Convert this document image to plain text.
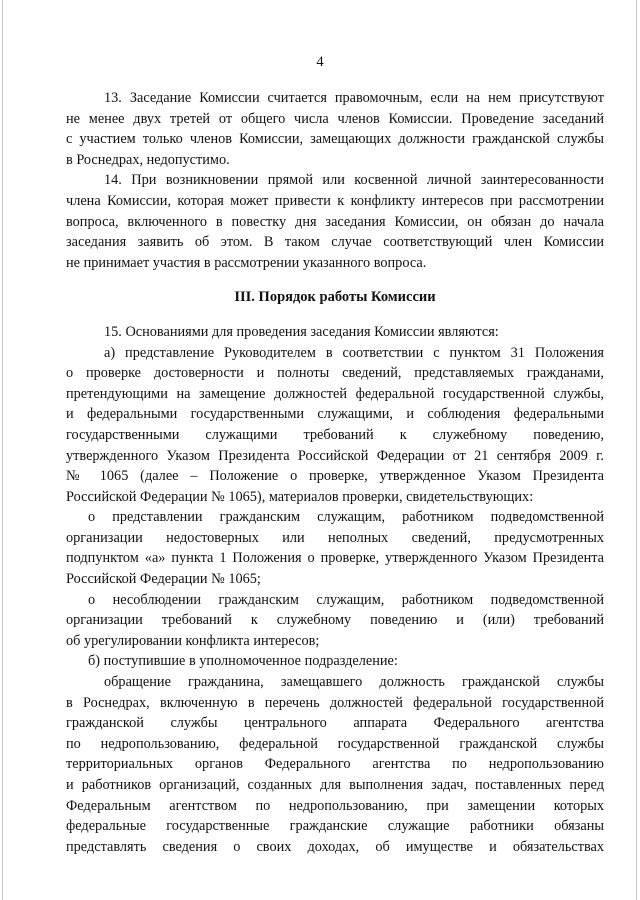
4

13. Заседание Комиссии считается правомочным, если на нем присутствуют

не менее двух третей от общего числа членов Комиссии. Проведение заседаний

с участием только членов Комиссии, замещающих должности гражданской службы

в Роснедрах, недопустимо.

14. При возникновении прямой или косвенной личной заинтересованности

члена Комиссии, которая может привести к конфликту интересов при рассмотрении

вопроса, включенного в повестку дня заседания Комиссии, он обязан до начала

заседания заявить об этом. В таком случае соответствующий член Комиссии

не принимает участия в рассмотрении указанного вопроса.

III. Порядок работы Комиссии

15. Основаниями для проведения заседания Комиссии являются:

а) представление Руководителем в соответствии с пунктом 31 Положения

о проверке достоверности и полноты сведений, представляемых гражданами,

претендующими на замещение должностей федеральной государственной службы,

и федеральными государственными служащими, и соблюдения федеральными

государственными служащими требований к служебному поведению,

утвержденного Указом Президента Российской Федерации от 21 сентября 2009 г.

№ 1065 (далее – Положение о проверке, утвержденное Указом Президента

Российской Федерации № 1065), материалов проверки, свидетельствующих:

о представлении гражданским служащим, работником подведомственной

организации недостоверных или неполных сведений, предусмотренных

подпунктом «а» пункта 1 Положения о проверке, утвержденного Указом Президента

Российской Федерации № 1065;

о несоблюдении гражданским служащим, работником подведомственной

организации требований к служебному поведению и (или) требований

об урегулировании конфликта интересов;

б) поступившие в уполномоченное подразделение:

обращение гражданина, замещавшего должность гражданской службы

в Роснедрах, включенную в перечень должностей федеральной государственной

гражданской службы центрального аппарата Федерального агентства

по недропользованию, федеральной государственной гражданской службы

территориальных органов Федерального агентства по недропользованию

и работников организаций, созданных для выполнения задач, поставленных перед

Федеральным агентством по недропользованию, при замещении которых

федеральные государственные гражданские служащие работники обязаны

представлять сведения о своих доходах, об имуществе и обязательствах
